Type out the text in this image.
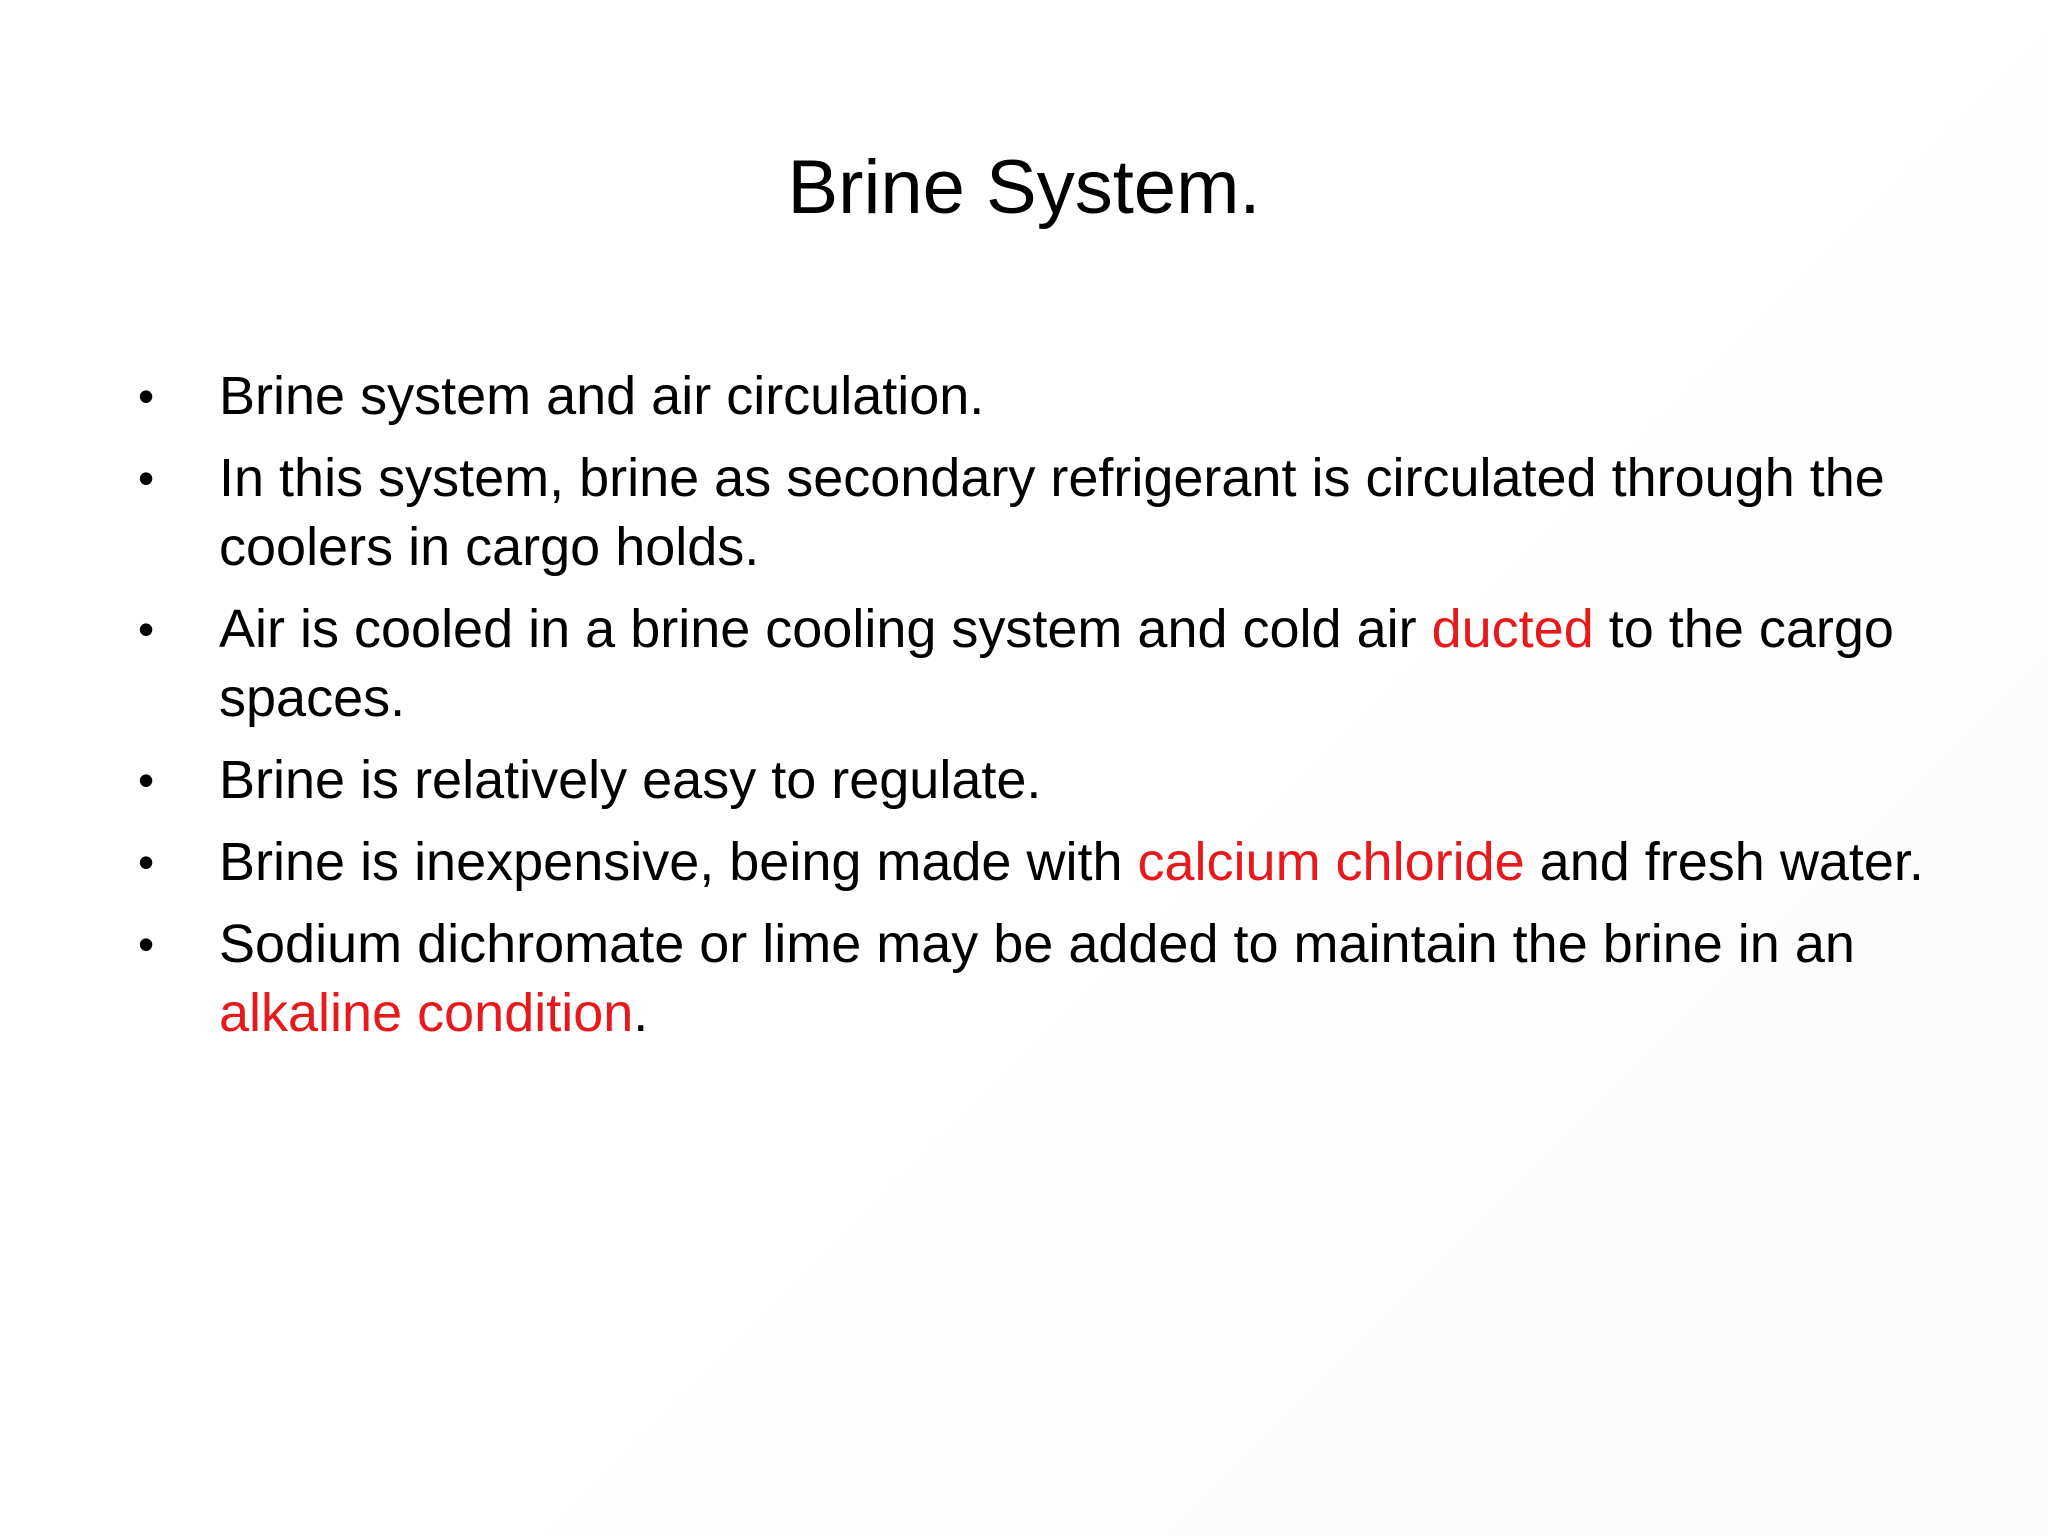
Brine System.
• Brine system and air circulation.
• In this system, brine as secondary refrigerant is circulated through the coolers in cargo holds.
• Air is cooled in a brine cooling system and cold air ducted to the cargo spaces.
• Brine is relatively easy to regulate.
• Brine is inexpensive, being made with calcium chloride and fresh water.
• Sodium dichromate or lime may be added to maintain the brine in an alkaline condition.
